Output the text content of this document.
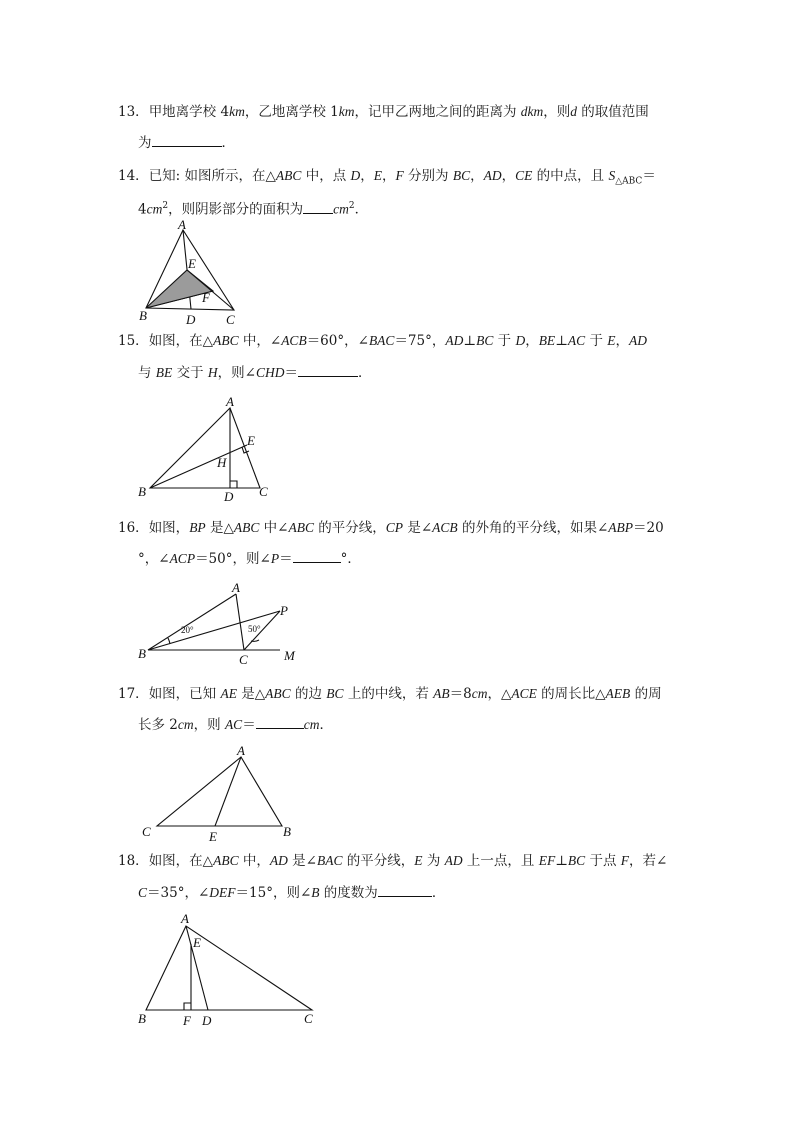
13．甲地离学校 4km，乙地离学校 1km，记甲乙两地之间的距离为 dkm，则d 的取值范围
为	．
14．已知: 如图所示，在△ABC 中，点 D，E，F 分别为 BC，AD，CE 的中点，且 $S_{\triangle ABC}=$
$4cm^2$，则阴影部分的面积为 $cm^2$．
A
E
F
B	D C
15．如图，在△ABC 中，∠ACB＝60°，∠BAC＝75°，AD⊥BC 于 D，BE⊥AC 于 E，AD
与 BE 交于 H，则∠CHD＝	．
A
E
H
B	D C
16．如图，BP 是△ABC 中∠ABC 的平分线，CP 是∠ACB 的外角的平分线，如果∠ABP＝20
°，∠ACP＝50°，则∠P＝	°．
A
P
B	C	M
20°	50°
17．如图，已知 AE 是△ABC 的边 BC 上的中线，若 AB＝8cm，△ACE 的周长比△AEB 的周
长多 2cm，则 AC＝	cm．
A
C	E	B
18．如图，在△ABC 中，AD 是∠BAC 的平分线，E 为 AD 上一点，且 EF⊥BC 于点 F，若∠
C＝35°，∠DEF＝15°，则∠B 的度数为	．
A
E
B	F D	C
